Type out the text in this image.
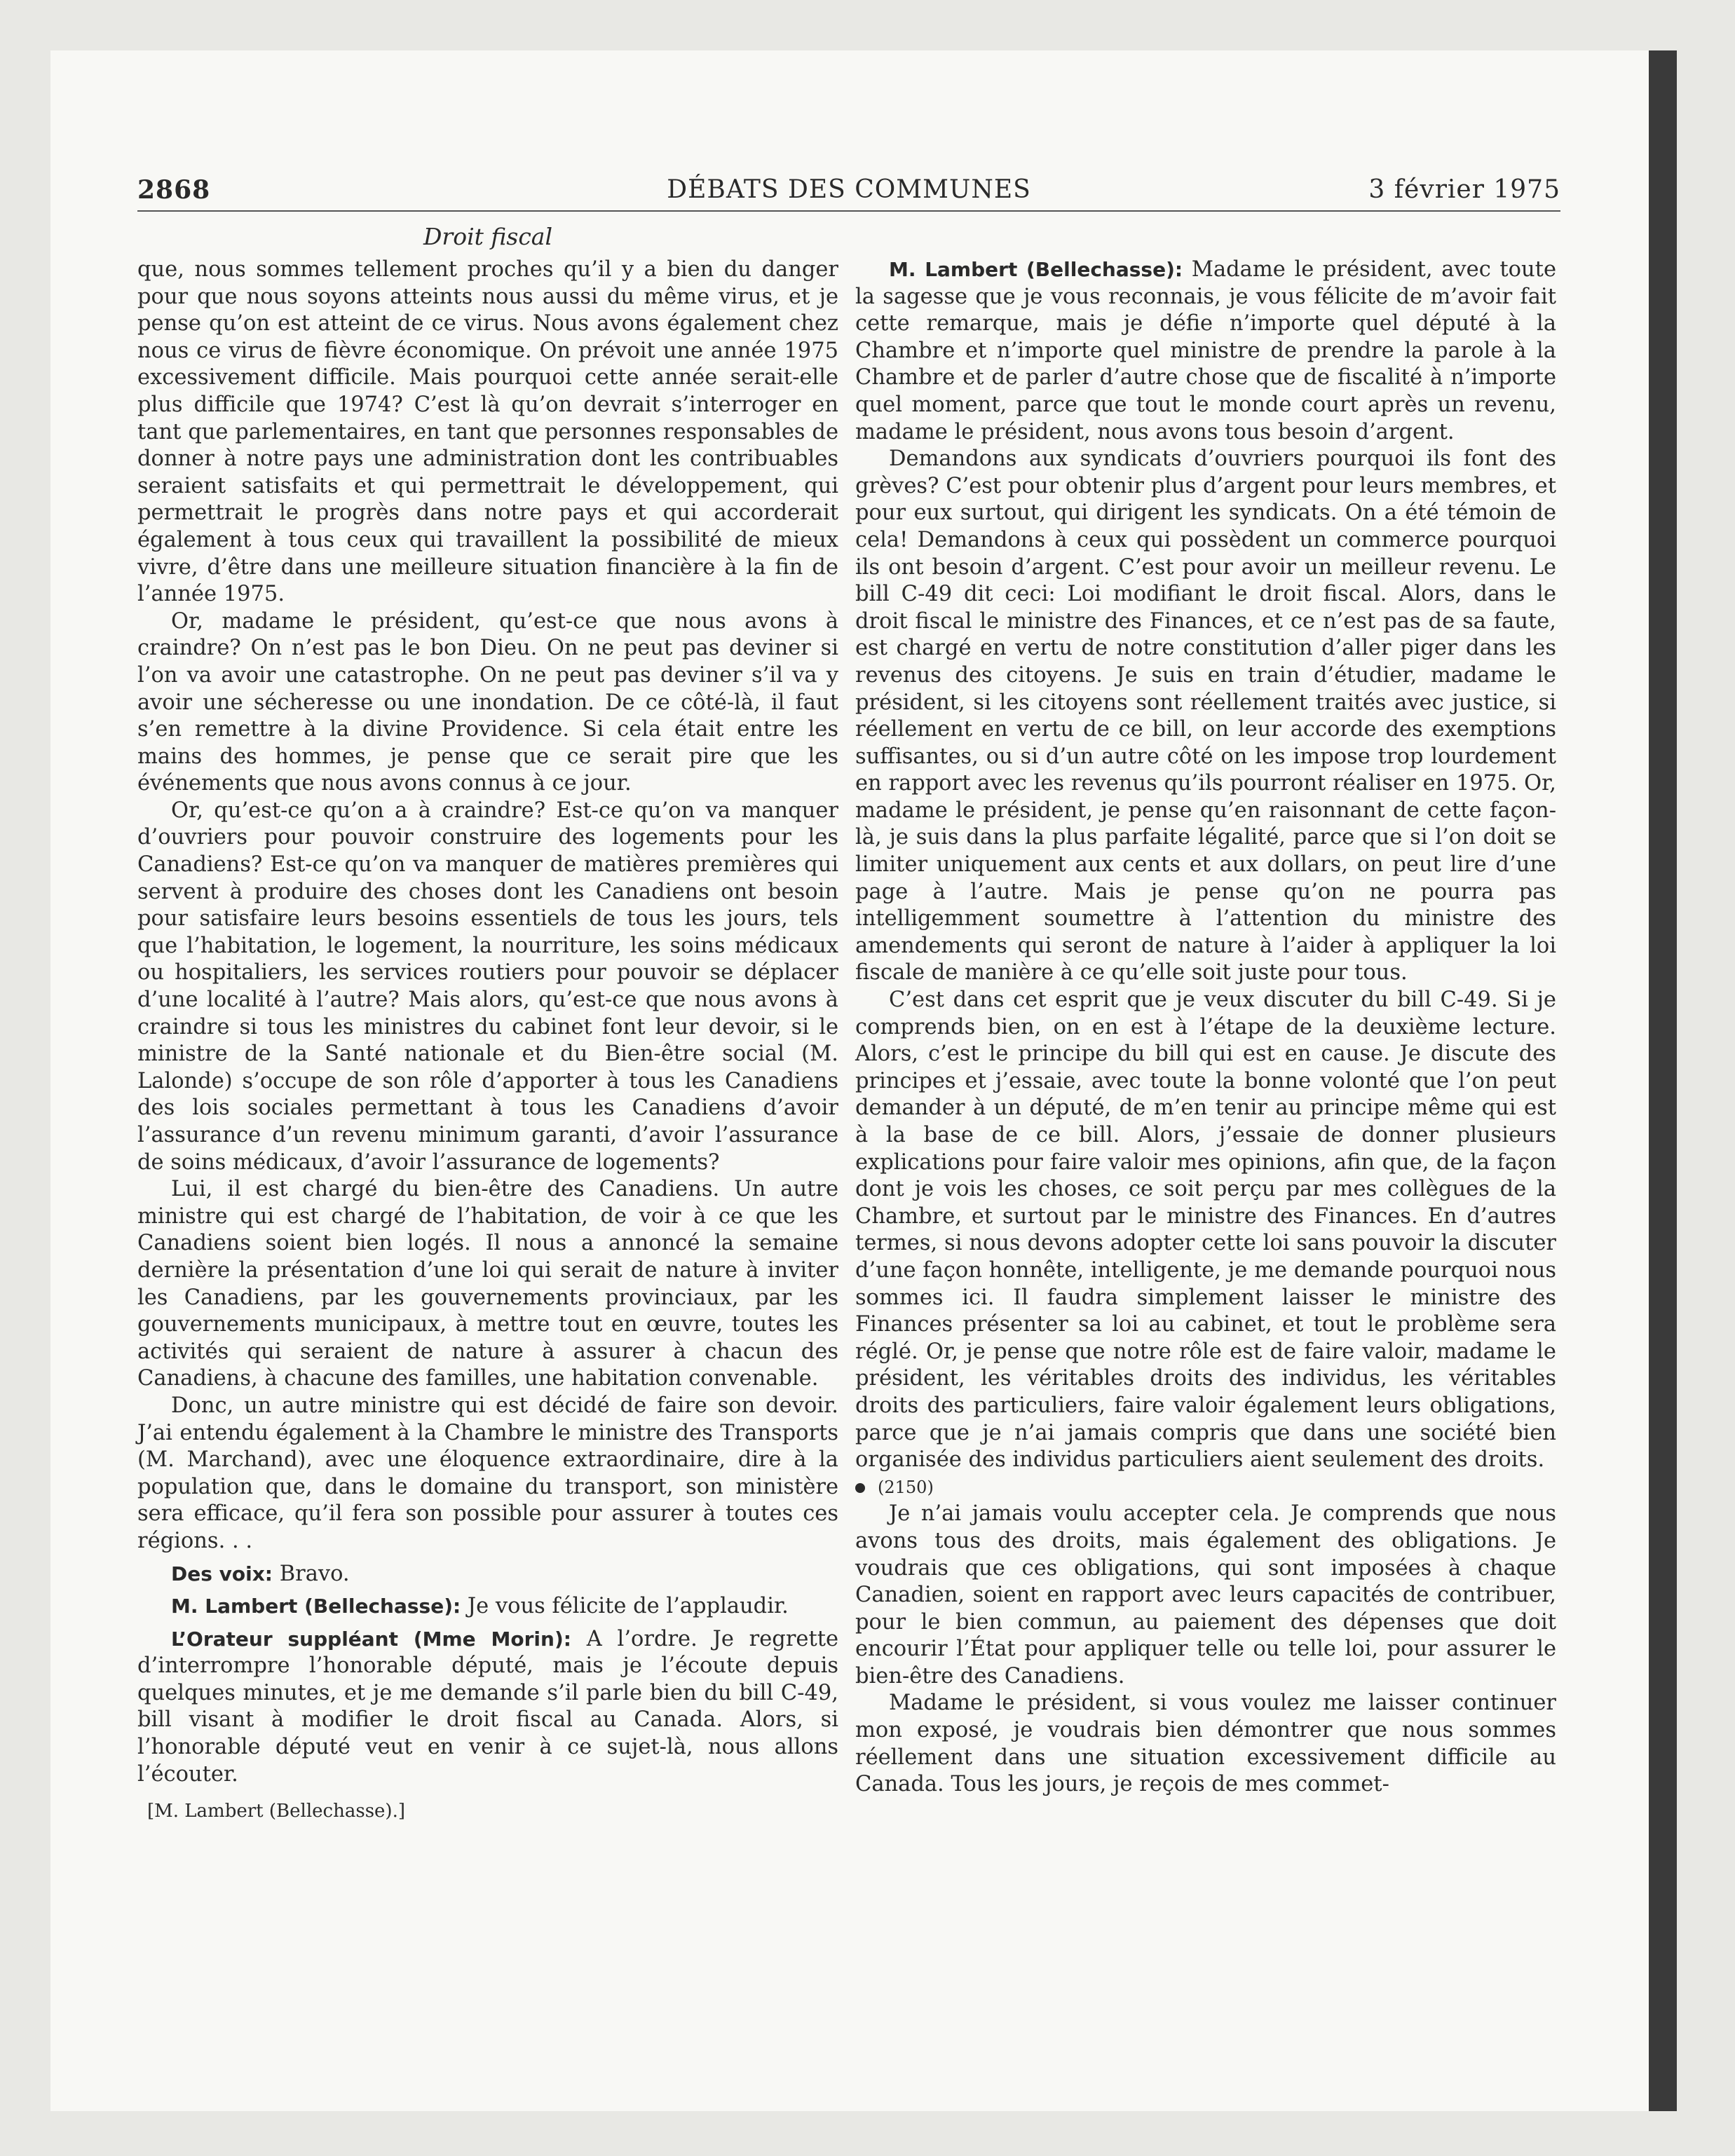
2868	DÉBATS DES COMMUNES	3 février 1975
Droit fiscal

que, nous sommes tellement proches qu’il y a bien du danger pour que nous soyons atteints nous aussi du même virus, et je pense qu’on est atteint de ce virus. Nous avons également chez nous ce virus de fièvre économique. On prévoit une année 1975 excessivement difficile. Mais pourquoi cette année serait-elle plus difficile que 1974? C’est là qu’on devrait s’interroger en tant que parlementaires, en tant que personnes responsables de donner à notre pays une administration dont les contribuables seraient satisfaits et qui permettrait le développement, qui permettrait le progrès dans notre pays et qui accorderait également à tous ceux qui travaillent la possibilité de mieux vivre, d’être dans une meilleure situation financière à la fin de l’année 1975.

Or, madame le président, qu’est-ce que nous avons à craindre? On n’est pas le bon Dieu. On ne peut pas deviner si l’on va avoir une catastrophe. On ne peut pas deviner s’il va y avoir une sécheresse ou une inondation. De ce côté-là, il faut s’en remettre à la divine Providence. Si cela était entre les mains des hommes, je pense que ce serait pire que les événements que nous avons connus à ce jour.

Or, qu’est-ce qu’on a à craindre? Est-ce qu’on va manquer d’ouvriers pour pouvoir construire des logements pour les Canadiens? Est-ce qu’on va manquer de matières premières qui servent à produire des choses dont les Canadiens ont besoin pour satisfaire leurs besoins essentiels de tous les jours, tels que l’habitation, le logement, la nourriture, les soins médicaux ou hospitaliers, les services routiers pour pouvoir se déplacer d’une localité à l’autre? Mais alors, qu’est-ce que nous avons à craindre si tous les ministres du cabinet font leur devoir, si le ministre de la Santé nationale et du Bien-être social (M. Lalonde) s’occupe de son rôle d’apporter à tous les Canadiens des lois sociales permettant à tous les Canadiens d’avoir l’assurance d’un revenu minimum garanti, d’avoir l’assurance de soins médicaux, d’avoir l’assurance de logements?

Lui, il est chargé du bien-être des Canadiens. Un autre ministre qui est chargé de l’habitation, de voir à ce que les Canadiens soient bien logés. Il nous a annoncé la semaine dernière la présentation d’une loi qui serait de nature à inviter les Canadiens, par les gouvernements provinciaux, par les gouvernements municipaux, à mettre tout en œuvre, toutes les activités qui seraient de nature à assurer à chacun des Canadiens, à chacune des familles, une habitation convenable.

Donc, un autre ministre qui est décidé de faire son devoir. J’ai entendu également à la Chambre le ministre des Transports (M. Marchand), avec une éloquence extraordinaire, dire à la population que, dans le domaine du transport, son ministère sera efficace, qu’il fera son possible pour assurer à toutes ces régions. . .

Des voix: Bravo.

M. Lambert (Bellechasse): Je vous félicite de l’applaudir.

L’Orateur suppléant (Mme Morin): A l’ordre. Je regrette d’interrompre l’honorable député, mais je l’écoute depuis quelques minutes, et je me demande s’il parle bien du bill C-49, bill visant à modifier le droit fiscal au Canada. Alors, si l’honorable député veut en venir à ce sujet-là, nous allons l’écouter.

[M. Lambert (Bellechasse).]

M. Lambert (Bellechasse): Madame le président, avec toute la sagesse que je vous reconnais, je vous félicite de m’avoir fait cette remarque, mais je défie n’importe quel député à la Chambre et n’importe quel ministre de prendre la parole à la Chambre et de parler d’autre chose que de fiscalité à n’importe quel moment, parce que tout le monde court après un revenu, madame le président, nous avons tous besoin d’argent.

Demandons aux syndicats d’ouvriers pourquoi ils font des grèves? C’est pour obtenir plus d’argent pour leurs membres, et pour eux surtout, qui dirigent les syndicats. On a été témoin de cela! Demandons à ceux qui possèdent un commerce pourquoi ils ont besoin d’argent. C’est pour avoir un meilleur revenu. Le bill C-49 dit ceci: Loi modifiant le droit fiscal. Alors, dans le droit fiscal le ministre des Finances, et ce n’est pas de sa faute, est chargé en vertu de notre constitution d’aller piger dans les revenus des citoyens. Je suis en train d’étudier, madame le président, si les citoyens sont réellement traités avec justice, si réellement en vertu de ce bill, on leur accorde des exemptions suffisantes, ou si d’un autre côté on les impose trop lourdement en rapport avec les revenus qu’ils pourront réaliser en 1975. Or, madame le président, je pense qu’en raisonnant de cette façon-là, je suis dans la plus parfaite légalité, parce que si l’on doit se limiter uniquement aux cents et aux dollars, on peut lire d’une page à l’autre. Mais je pense qu’on ne pourra pas intelligemment soumettre à l’attention du ministre des amendements qui seront de nature à l’aider à appliquer la loi fiscale de manière à ce qu’elle soit juste pour tous.

C’est dans cet esprit que je veux discuter du bill C-49. Si je comprends bien, on en est à l’étape de la deuxième lecture. Alors, c’est le principe du bill qui est en cause. Je discute des principes et j’essaie, avec toute la bonne volonté que l’on peut demander à un député, de m’en tenir au principe même qui est à la base de ce bill. Alors, j’essaie de donner plusieurs explications pour faire valoir mes opinions, afin que, de la façon dont je vois les choses, ce soit perçu par mes collègues de la Chambre, et surtout par le ministre des Finances. En d’autres termes, si nous devons adopter cette loi sans pouvoir la discuter d’une façon honnête, intelligente, je me demande pourquoi nous sommes ici. Il faudra simplement laisser le ministre des Finances présenter sa loi au cabinet, et tout le problème sera réglé. Or, je pense que notre rôle est de faire valoir, madame le président, les véritables droits des individus, les véritables droits des particuliers, faire valoir également leurs obligations, parce que je n’ai jamais compris que dans une société bien organisée des individus particuliers aient seulement des droits.

(2150)

Je n’ai jamais voulu accepter cela. Je comprends que nous avons tous des droits, mais également des obligations. Je voudrais que ces obligations, qui sont imposées à chaque Canadien, soient en rapport avec leurs capacités de contribuer, pour le bien commun, au paiement des dépenses que doit encourir l’État pour appliquer telle ou telle loi, pour assurer le bien-être des Canadiens.

Madame le président, si vous voulez me laisser continuer mon exposé, je voudrais bien démontrer que nous sommes réellement dans une situation excessivement difficile au Canada. Tous les jours, je reçois de mes commet-
